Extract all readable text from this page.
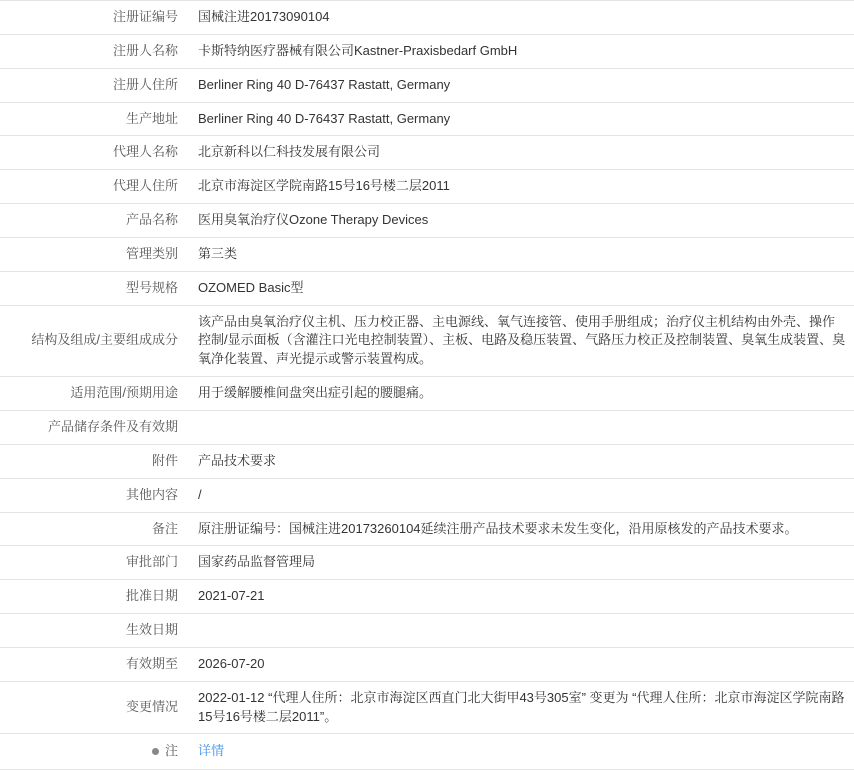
注册证编号	国械注进20173090104
注册人名称	卡斯特纳医疗器械有限公司Kastner-Praxisbedarf GmbH
注册人住所	Berliner Ring 40 D-76437 Rastatt, Germany
生产地址	Berliner Ring 40 D-76437 Rastatt, Germany
代理人名称	北京新科以仁科技发展有限公司
代理人住所	北京市海淀区学院南路15号16号楼二层2011
产品名称	医用臭氧治疗仪Ozone Therapy Devices
管理类别	第三类
型号规格	OZOMED Basic型
结构及组成/主要组成成分	该产品由臭氧治疗仪主机、压力校正器、主电源线、氧气连接管、使用手册组成；治疗仪主机结构由外壳、操作控制/显示面板（含灌注口光电控制装置）、主板、电路及稳压装置、气路压力校正及控制装置、臭氧生成装置、臭氧净化装置、声光提示或警示装置构成。
适用范围/预期用途	用于缓解腰椎间盘突出症引起的腰腿痛。
产品储存条件及有效期	
附件	产品技术要求
其他内容	/
备注	原注册证编号：国械注进20173260104延续注册产品技术要求未发生变化，沿用原核发的产品技术要求。
审批部门	国家药品监督管理局
批准日期	2021-07-21
生效日期	
有效期至	2026-07-20
变更情况	2022-01-12 “代理人住所：北京市海淀区西直门北大街甲43号305室” 变更为 “代理人住所：北京市海淀区学院南路15号16号楼二层2011”。
注	详情
